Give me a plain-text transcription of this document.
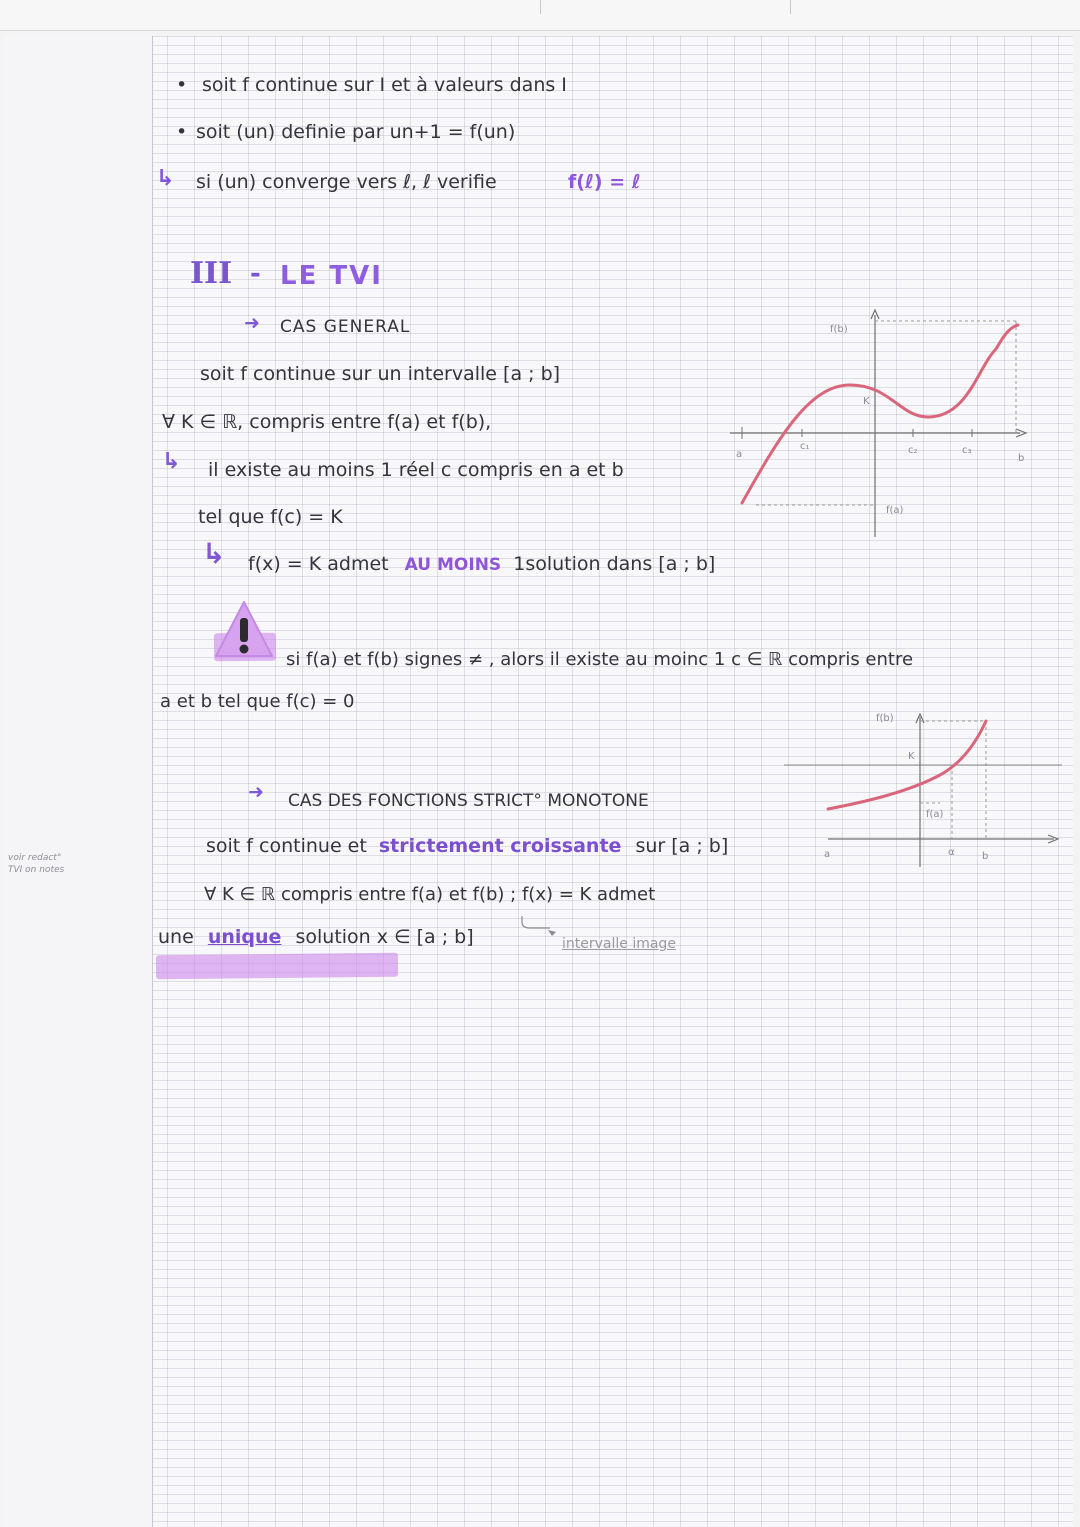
voir redact°
TVI on notes
• soit f continue sur I et à valeurs dans I
• soit (un) definie par un+1 = f(un)
↳ si (un) converge vers ℓ, ℓ verifie	f(ℓ) = ℓ
III - LE TVI
➜ CAS GENERAL
soit f continue sur un intervalle [a ; b]
∀ K ∈ ℝ, compris entre f(a) et f(b),
↳ il existe au moins 1 réel c compris en a et b
tel que f(c) = K
↳ f(x) = K admet AU MOINS 1solution dans [a ; b]
si f(a) et f(b) signes ≠ , alors il existe au moinc 1 c ∈ ℝ compris entre
a et b tel que f(c) = 0
➜ CAS DES FONCTIONS STRICT° MONOTONE
soit f continue et strictement croissante sur [a ; b]
∀ K ∈ ℝ compris entre f(a) et f(b) ; f(x) = K admet
une unique solution x ∈ [a ; b]	intervalle image
f(b)
f(a)
K
a	b
c₁	c₂	c₃
f(b)
f(a)
a	b
K
α
